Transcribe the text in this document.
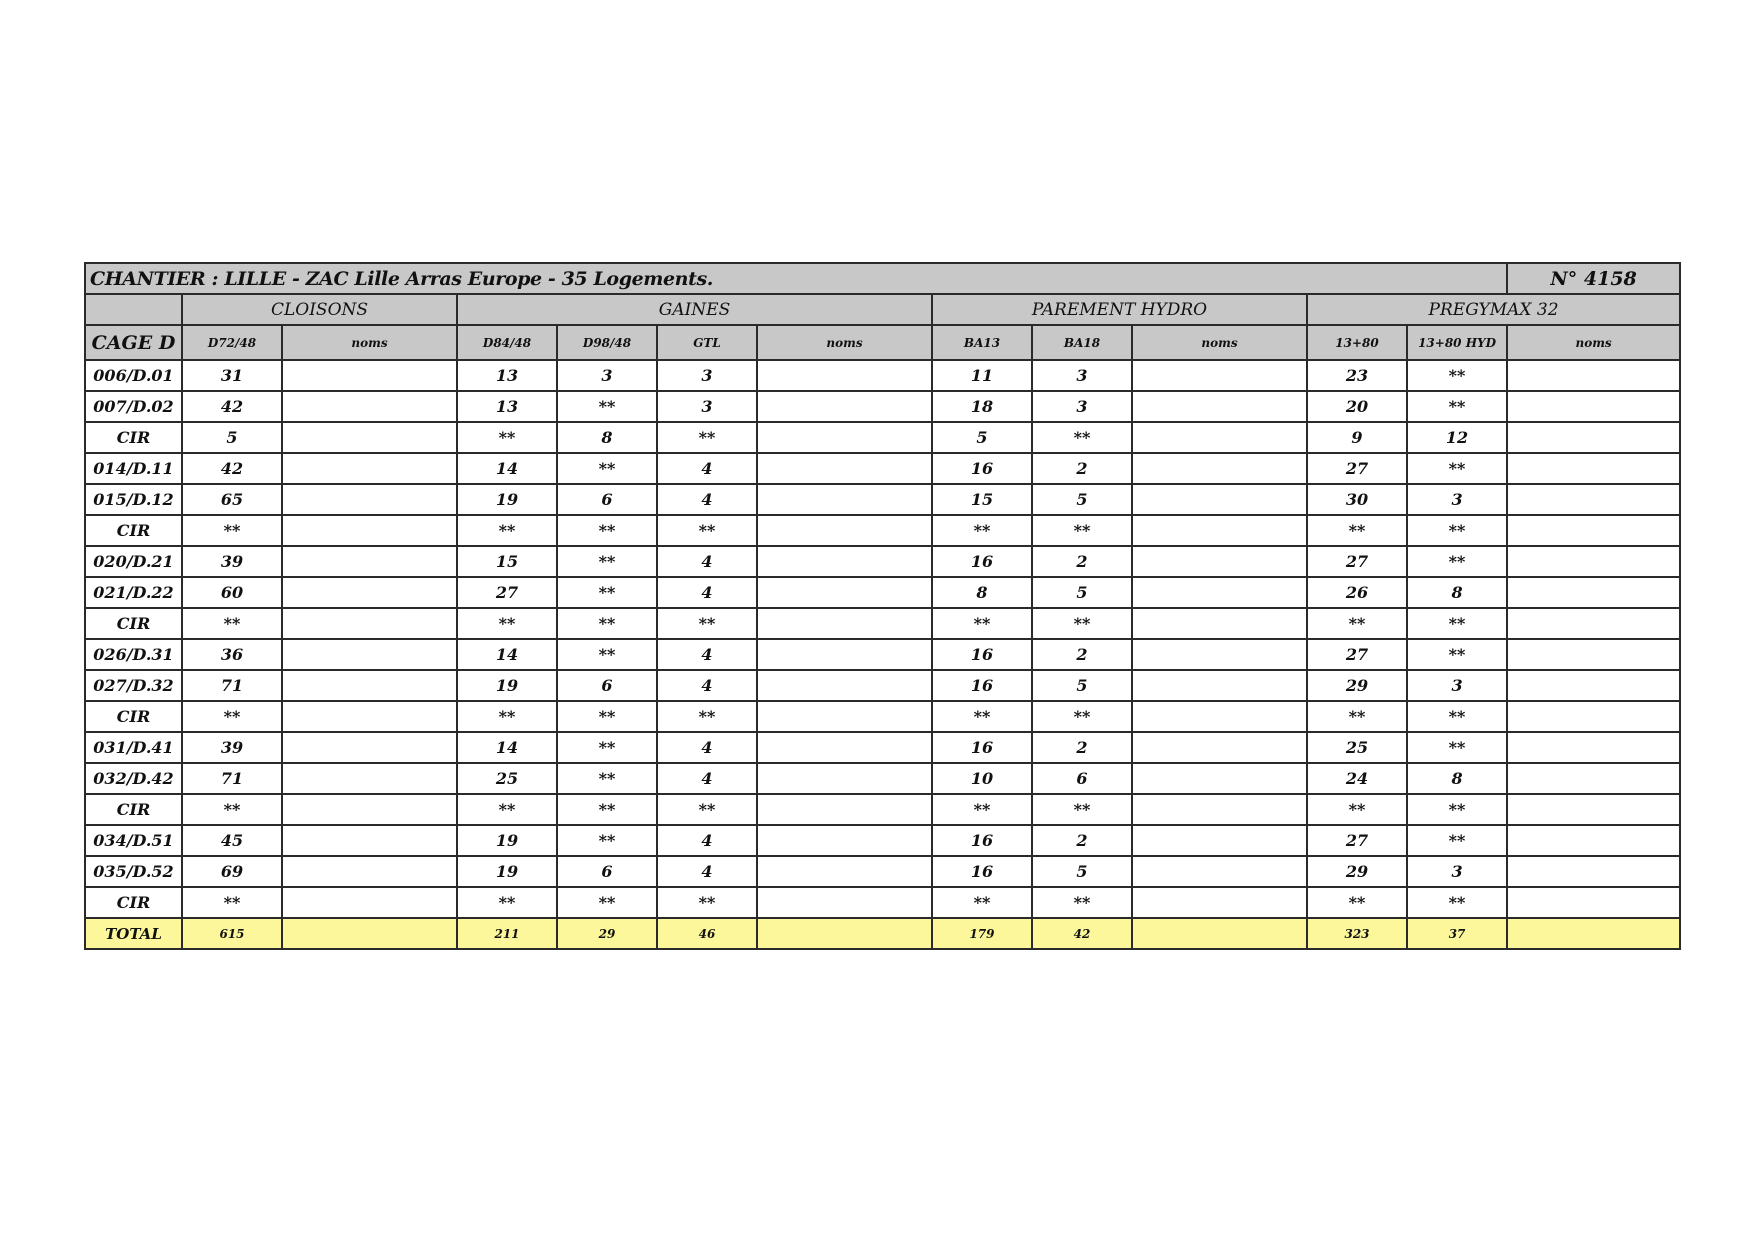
CHANTIER : LILLE - ZAC Lille Arras Europe - 35 Logements.												N° 4158
	CLOISONS		GAINES				PAREMENT HYDRO			PREGYMAX 32		
CAGE D	D72/48	noms	D84/48	D98/48	GTL	noms	BA13	BA18	noms	13+80	13+80 HYD	noms
006/D.01	31		13	3	3		11	3		23	**	
007/D.02	42		13	**	3		18	3		20	**	
CIR	5		**	8	**		5	**		9	12	
014/D.11	42		14	**	4		16	2		27	**	
015/D.12	65		19	6	4		15	5		30	3	
CIR	**		**	**	**		**	**		**	**	
020/D.21	39		15	**	4		16	2		27	**	
021/D.22	60		27	**	4		8	5		26	8	
CIR	**		**	**	**		**	**		**	**	
026/D.31	36		14	**	4		16	2		27	**	
027/D.32	71		19	6	4		16	5		29	3	
CIR	**		**	**	**		**	**		**	**	
031/D.41	39		14	**	4		16	2		25	**	
032/D.42	71		25	**	4		10	6		24	8	
CIR	**		**	**	**		**	**		**	**	
034/D.51	45		19	**	4		16	2		27	**	
035/D.52	69		19	6	4		16	5		29	3	
CIR	**		**	**	**		**	**		**	**	
TOTAL	615		211	29	46		179	42		323	37	
